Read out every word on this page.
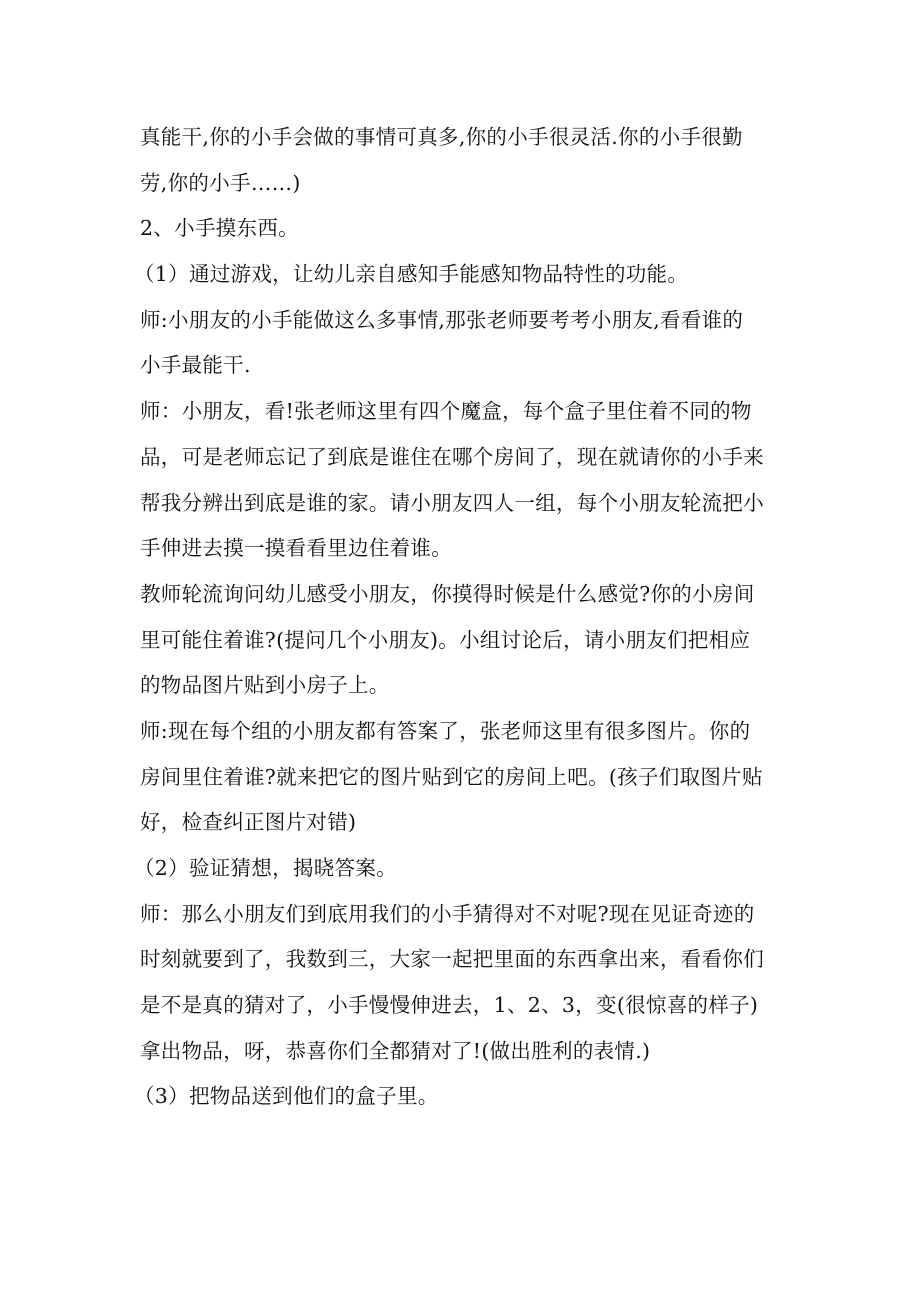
真能干,你的小手会做的事情可真多,你的小手很灵活.你的小手很勤
劳,你的小手……)
2、小手摸东西。
（1）通过游戏，让幼儿亲自感知手能感知物品特性的功能。
师:小朋友的小手能做这么多事情,那张老师要考考小朋友,看看谁的
小手最能干.
师：小朋友，看!张老师这里有四个魔盒，每个盒子里住着不同的物
品，可是老师忘记了到底是谁住在哪个房间了，现在就请你的小手来
帮我分辨出到底是谁的家。请小朋友四人一组，每个小朋友轮流把小
手伸进去摸一摸看看里边住着谁。
教师轮流询问幼儿感受小朋友，你摸得时候是什么感觉?你的小房间
里可能住着谁?(提问几个小朋友)。小组讨论后，请小朋友们把相应
的物品图片贴到小房子上。
师:现在每个组的小朋友都有答案了，张老师这里有很多图片。你的
房间里住着谁?就来把它的图片贴到它的房间上吧。(孩子们取图片贴
好，检查纠正图片对错)
（2）验证猜想，揭晓答案。
师：那么小朋友们到底用我们的小手猜得对不对呢?现在见证奇迹的
时刻就要到了，我数到三，大家一起把里面的东西拿出来，看看你们
是不是真的猜对了，小手慢慢伸进去，1、2、3，变(很惊喜的样子)
拿出物品，呀，恭喜你们全都猜对了!(做出胜利的表情.)
（3）把物品送到他们的盒子里。
